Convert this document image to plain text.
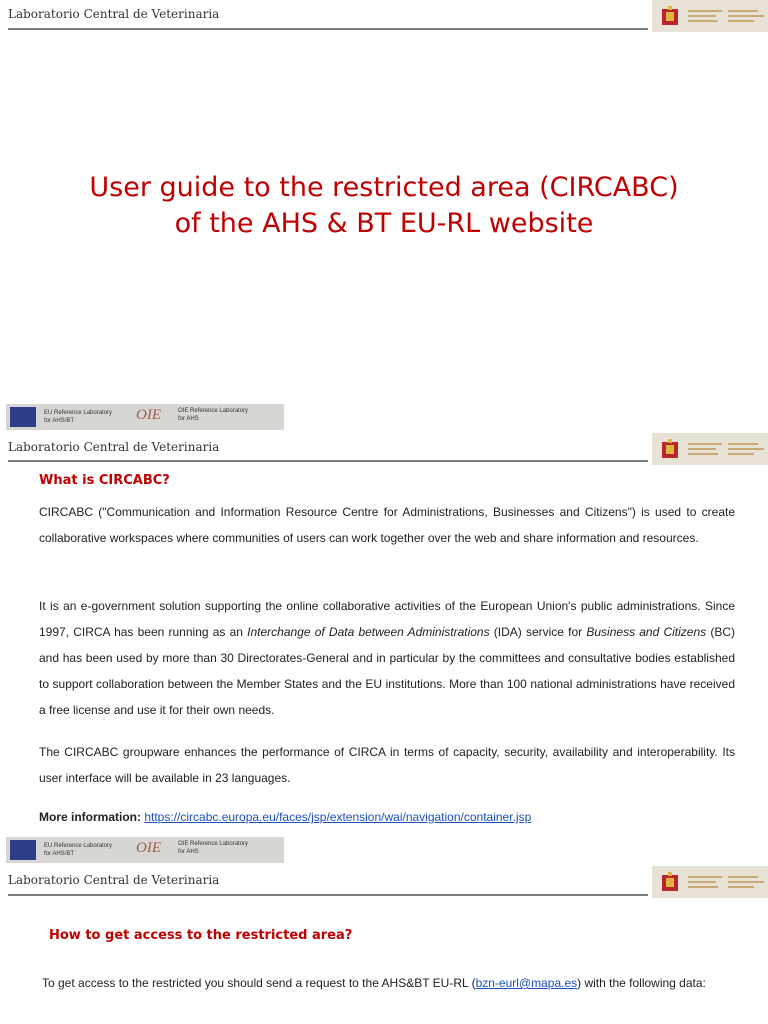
Laboratorio Central de Veterinaria
User guide to the restricted area (CIRCABC)
of the AHS & BT EU-RL website
EU Reference Laboratory
for AHS/BT	OIE	OIE Reference Laboratory
for AHS
Laboratorio Central de Veterinaria
What is CIRCABC?

CIRCABC ("Communication and Information Resource Centre for Administrations, Businesses and Citizens") is used to create collaborative workspaces where communities of users can work together over the web and share information and resources.

It is an e-government solution supporting the online collaborative activities of the European Union's public administrations. Since 1997, CIRCA has been running as an Interchange of Data between Administrations (IDA) service for Business and Citizens (BC) and has been used by more than 30 Directorates-General and in particular by the committees and consultative bodies established to support collaboration between the Member States and the EU institutions. More than 100 national administrations have received a free license and use it for their own needs.

The CIRCABC groupware enhances the performance of CIRCA in terms of capacity, security, availability and interoperability. Its user interface will be available in 23 languages.

More information: https://circabc.europa.eu/faces/jsp/extension/wai/navigation/container.jsp
EU Reference Laboratory
for AHS/BT	OIE	OIE Reference Laboratory
for AHS
Laboratorio Central de Veterinaria
How to get access to the restricted area?

To get access to the restricted you should send a request to the AHS&BT EU-RL (bzn-eurl@mapa.es) with the following data:
